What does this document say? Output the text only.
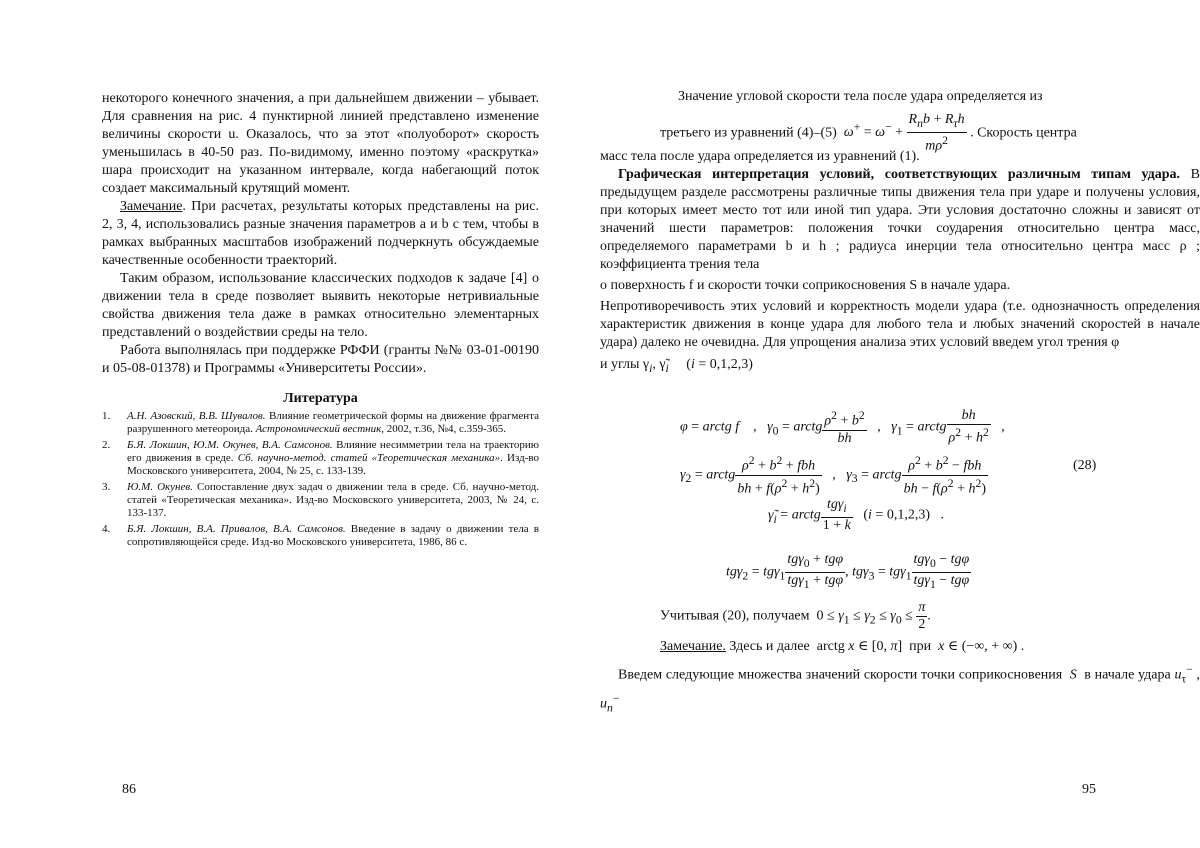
некоторого конечного значения, а при дальнейшем движении – убывает. Для сравнения на рис. 4 пунктирной линией представлено изменение величины скорости u. Оказалось, что за этот «полуоборот» скорость уменьшилась в 40-50 раз. По-видимому, именно поэтому «раскрутка» шара происходит на указанном интервале, когда набегающий поток создает максимальный крутящий момент.

Замечание. При расчетах, результаты которых представлены на рис. 2, 3, 4, использовались разные значения параметров a и b с тем, чтобы в рамках выбранных масштабов изображений подчеркнуть обсуждаемые качественные особенности траекторий.

Таким образом, использование классических подходов к задаче [4] о движении тела в среде позволяет выявить некоторые нетривиальные свойства движения тела даже в рамках относительно элементарных представлений о воздействии среды на тело.

Работа выполнялась при поддержке РФФИ (гранты №№ 03-01-00190 и 05-08-01378) и Программы «Университеты России».

Литература
1.	А.Н. Азовский, В.В. Шувалов. Влияние геометрической формы на движение фрагмента разрушенного метеороида. Астрономический вестник, 2002, т.36, №4, с.359-365.
2.	Б.Я. Локшин, Ю.М. Окунев, В.А. Самсонов. Влияние несимметрии тела на траекторию его движения в среде. Сб. научно-метод. статей «Теоретическая механика». Изд-во Московского университета, 2004, № 25, с. 133-139.
3.	Ю.М. Окунев. Сопоставление двух задач о движении тела в среде. Сб. научно-метод. статей «Теоретическая механика». Изд-во Московского университета, 2003, № 24, с. 133-137.
4.	Б.Я. Локшин, В.А. Привалов, В.А. Самсонов. Введение в задачу о движении тела в сопротивляющейся среде. Изд-во Московского университета, 1986, 86 с.
86

Значение угловой скорости тела после удара определяется из

третьего из уравнений (4)–(5) ω+ = ω− +
$R_nb + R_\tau h$
$m\rho^2$	. Скорость центра

масс тела после удара определяется из уравнений (1).

Графическая интерпретация условий, соответствующих различным типам удара. В предыдущем разделе рассмотрены различные типы движения тела при ударе и получены условия, при которых имеет место тот или иной тип удара. Эти условия достаточно сложны и зависят от значений шести параметров: положения точки соударения относительно центра масс, определяемого параметрами b и h ; радиуса инерции тела относительно центра масс ρ ; коэффициента трения тела

о поверхность f и скорости точки соприкосновения S в начале удара.

Непротиворечивость этих условий и корректность модели удара (т.е. однозначность определения характеристик движения в конце удара для любого тела и любых значений скоростей в начале удара) далеко не очевидна. Для упрощения анализа этих условий введем угол трения φ

и углы $\gamma_i$, $\gammã_i$     (i = 0,1,2,3)

φ = arctg f    ,   $\gamma_0$ = arctg $\frac{\rho^2 + b^2}{bh}$ ,   $\gamma_1$ = arctg $\frac{bh}{\rho^2 + h^2}$ ,
$\gamma_2$ = arctg
$\rho^2 + b^2$ + fbh
bh + $f(\rho^2 + h^2)$
,   $\gamma_3$ = arctg
$\rho^2 + b^2$ − fbh
bh − $f(\rho^2 + h^2)$
(28)
$\gammã_i$ = arctg
tgγ$_i$
1 + k
(i = 0,1,2,3)   .
tgγ$_2$ = tgγ$_1$
tgγ$_0$ + tgφ
tgγ$_1$ + tgφ
, tgγ$_3$ = tgγ$_1$
tgγ$_0$ − tgφ
tgγ$_1$ − tgφ
Учитывая (20), получаем  $0 \le \gamma_1 \le \gamma_2 \le \gamma_0 \le \frac{\pi}{2}$ .
Замечание. Здесь и далее  arctg x ∈ [0, π]  при x ∈ (−∞, + ∞) .

Введем следующие множества значений скорости точки соприкосновения S в начале удара $u_\tau^-$ , $u_n^-$

95
